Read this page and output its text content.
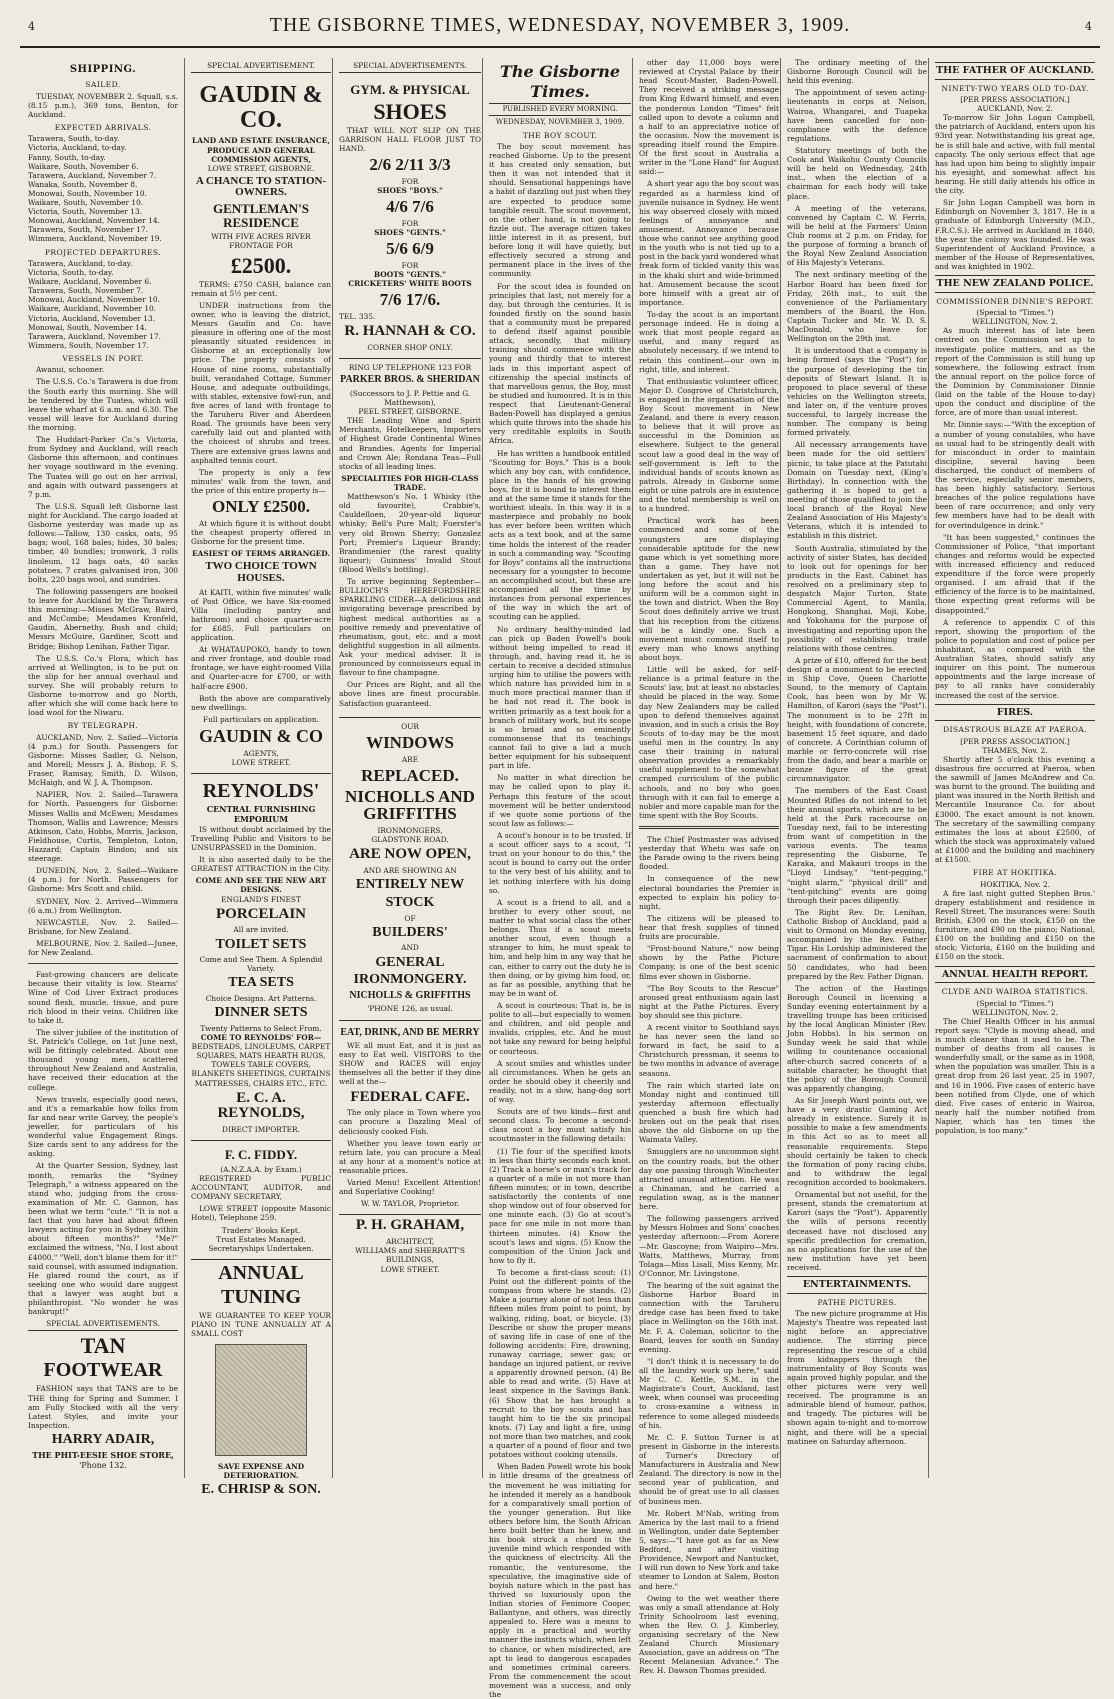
4	THE GISBORNE TIMES, WEDNESDAY, NOVEMBER 3, 1909.	4
SHIPPING.
SAILED.

TUESDAY, NOVEMBER 2. Squall, s.s. (8.15 p.m.), 369 tons, Benton, for Auckland.

EXPECTED ARRIVALS.

Tarawera, South, to-day.

Victoria, Auckland, to-day.

Fanny, South, to-day.

Waikare, South, November 6.

Tarawera, Auckland, November 7.

Wanaka, South, November 8.

Monowai, South, November 10.

Waikare, South, November 10.

Victoria, South, November 13.

Monowai, Auckland, November 14.

Tarawera, South, November 17.

Wimmera, Auckland, November 19.

PROJECTED DEPARTURES.

Tarawera, Auckland, to-day.

Victoria, South, to-day.

Waikare, Auckland, November 6.

Tarawera, South, November 7.

Monowai, Auckland, November 10.

Waikare, Auckland, November 10.

Victoria, Auckland, November 13.

Monowai, South, November 14.

Tarawera, Auckland, November 17.

Wimmera, South, November 17.

VESSELS IN PORT.

Awanui, schooner.

The U.S.S. Co.'s Tarawera is due from the South early this morning. She will be tendered by the Tuatea, which will leave the wharf at 6 a.m. and 6.30. The vessel will leave for Auckland during the morning.

The Huddart-Parker Co.'s Victoria, from Sydney and Auckland, will reach Gisborne this afternoon, and continues her voyage southward in the evening. The Tuatea will go out on her arrival, and again with outward passengers at 7 p.m.

The U.S.S. Squall left Gisborne last night for Auckland. The cargo loaded at Gisborne yesterday was made up as follows:—Tallow, 130 casks, oats, 95 bags; wool, 168 bales; hides, 30 bales; timber, 40 bundles; ironwork, 3 rolls linoleum, 12 bags oats, 40 sacks potatoes, 7 crates galvanised iron, 300 bolts, 220 bags wool, and sundries.

The following passengers are booked to leave for Auckland by the Tarawera this morning:—Misses McGraw, Baird, and McCombe; Mesdames Kronfeld, Gaudin, Abernethy, Bush and child; Messrs McGuire, Gardiner, Scott and Bridge; Bishop Lenihan, Father Tigar.

The U.S.S. Co.'s Flora, which has arrived at Wellington, is to be put on the slip for her annual overhaul and survey. She will probably return to Gisborne to-morrow and go North, after which she will come back here to load wool for the Niwaru.

BY TELEGRAPH.

AUCKLAND, Nov. 2. Sailed—Victoria (4 p.m.) for South. Passengers for Gisborne: Misses Sadler, G. Nelson, and Morell; Messrs J. A. Bishop, F. S. Fraser, Ramsay, Smith, D. Wilson, McHaigh, and W. J. A. Thompson.

NAPIER, Nov. 2. Sailed—Tarawera for North. Passengers for Gisborne: Misses Wallis and McEwen; Mesdames Thomson, Wallis and Lawrence; Messrs Atkinson, Cato, Hobbs, Morris, Jackson, Fieldhouse, Curtis, Templeton, Loton, Hazzard; Captain Bindon; and six steerage.

DUNEDIN, Nov. 2. Sailed—Waikare (4 p.m.) for North. Passengers for Gisborne: Mrs Scott and child.

SYDNEY, Nov. 2. Arrived—Wimmera (6 a.m.) from Wellington.

NEWCASTLE, Nov. 2. Sailed—Brisbane, for New Zealand.

MELBOURNE, Nov. 2. Sailed—Junee, for New Zealand.

Fast-growing chancers are delicate because their vitality is low. Stearns' Wine of Cod Liver Extract produces sound flesh, muscle, tissue, and pure rich blood in their veins. Children like to take it.

The silver jubilee of the institution of St. Patrick's College, on 1st June next, will be fittingly celebrated. About one thousand young men, scattered throughout New Zealand and Australia, have received their education at the college.

News travels, especially good news, and it's a remarkable how folks from far and near write Garvey, the people's jeweller, for particulars of his wonderful value Engagement Rings. Size cards sent to any address for the asking.

At the Quarter Session, Sydney, last month, remarks the "Sydney Telegraph," a witness appeared on the stand who, judging from the cross-examination of Mr. C. Gannon, has been what we term "cute." "It is not a fact that you have had about fifteen lawyers acting for you in Sydney within about fifteen months?" "Me?" exclaimed the witness, "No, I lost about £4000." "Well, don't blame them for it!" said counsel, with assumed indignation. He glared round the court, as if seeking one who would dare suggest that a lawyer was aught but a philanthropist. "No wonder he was bankrupt!"

SPECIAL ADVERTISEMENTS.
TAN
FOOTWEAR

FASHION says that TANS are to be THE thing for Spring and Summer. I am Fully Stocked with all the very Latest Styles, and invite your Inspection.

HARRY ADAIR,
THE PHIT-EESIE SHOE STORE,
'Phone 132.
SPECIAL ADVERTISEMENT.
GAUDIN & CO.
LAND AND ESTATE INSURANCE, PRODUCE AND GENERAL COMMISSION AGENTS,
LOWE STREET, GISBORNE.
A CHANCE TO STATION-OWNERS.
GENTLEMAN'S RESIDENCE
WITH FIVE ACRES RIVER FRONTAGE FOR
£2500.

TERMS: £750 CASH, balance can remain at 5½ per cent.

UNDER instructions from the owner, who is leaving the district, Messrs Gaudin and Co. have pleasure in offering one of the most pleasantly situated residences in Gisborne at an exceptionally low price. The property consists of House of nine rooms, substantially built, verandahed Cottage, Summer House, and adequate outbuildings, with stables, extensive fowl-run, and five acres of land with frontage to the Taruheru River and Aberdeen Road. The grounds have been very carefully laid out and planted with the choicest of shrubs and trees. There are extensive grass lawns and asphalted tennis court.

The property is only a few minutes' walk from the town, and the price of this entire property is—

ONLY £2500.

At which figure it is without doubt the cheapest property offered in Gisborne for the present time.

EASIEST OF TERMS ARRANGED.
TWO CHOICE TOWN HOUSES.

At KAITI, within five minutes' walk of Post Office, we have Six-roomed Villa (including pantry and bathroom) and choice quarter-acre for £685. Full particulars on application.

At WHATAUPOKO, handy to town and river frontage, and double road frontage, we have eight-roomed Villa and Quarter-acre for £700, or with half-acre £900.

Both the above are comparatively new dwellings.

Full particulars on application.
GAUDIN & CO
AGENTS,
LOWE STREET.
REYNOLDS'
CENTRAL FURNISHING EMPORIUM

IS without doubt acclaimed by the Travelling Public and Visitors to be UNSURPASSED in the Dominion.

It is also asserted daily to be the GREATEST ATTRACTION in the City.

COME AND SEE THE NEW ART DESIGNS.
ENGLAND'S FINEST
PORCELAIN
All are invited.
TOILET SETS
Come and See Them. A Splendid Variety.
TEA SETS
Choice Designs. Art Patterns.
DINNER SETS
Twenty Patterns to Select From.
COME TO REYNOLDS' FOR—
BEDSTEADS, LINOLEUMS, CARPET SQUARES, MATS HEARTH RUGS, TOWELS TABLE COVERS, BLANKETS SHEETINGS, CURTAINS MATTRESSES, CHAIRS ETC., ETC.
E. C. A. REYNOLDS,
DIRECT IMPORTER.
F. C. FIDDY.
(A.N.Z.A.A. by Exam.)

REGISTERED PUBLIC ACCOUNTANT, AUDITOR, and COMPANY SECRETARY,

LOWE STREET (opposite Masonic Hotel), Telephone 259.

Traders' Books Kept.
Trust Estates Managed.
Secretaryships Undertaken.
ANNUAL
TUNING

WE GUARANTEE TO KEEP YOUR PIANO IN TUNE ANNUALLY AT A SMALL COST

SAVE EXPENSE AND DETERIORATION.
E. CHRISP & SON.
SPECIAL ADVERTISEMENTS.
GYM. & PHYSICAL
SHOES

THAT WILL NOT SLIP ON THE GARRISON HALL FLOOR JUST TO HAND.

2/6 2/11 3/3
FOR
SHOES "BOYS."
4/6 7/6
FOR
SHOES "GENTS."
5/6 6/9
FOR
BOOTS "GENTS."
CRICKETERS' WHITE BOOTS
7/6 17/6.
TEL. 335.
R. HANNAH & CO.
CORNER SHOP ONLY.
RING UP TELEPHONE 123 FOR
PARKER BROS. & SHERIDAN
(Successors to J. P. Pettie and G. Matthewson),
PEEL STREET, GISBORNE.

THE Leading Wine and Spirit Merchants, Hotelkeepers, Importers of Highest Grade Continental Wines and Brandies. Agents for Imperial and Crown Ale; Rondana Teas—Full stocks of all leading lines.

SPECIALITIES FOR HIGH-CLASS TRADE.

Matthewson's No. 1 Whisky (the old favourite), Crabbie's, Cauldelloen, 20-year-old liqueur whisky; Bell's Pure Malt; Fuerster's very old Brown Sherry; Gonzalez Port; Premier's Liqueur Brandy; Brandimenier (the rarest quality liqueur); Guinness' Invalid Stout (Blood Wells's bottling).

To arrive beginning September—BULLIOCH'S HEREFORDSHIRE SPARKLING CIDER—A delicious and invigorating beverage prescribed by highest medical authorities as a positive remedy and preventative of rheumatism, gout, etc. and a most delightful suggestion in all ailments. Ask your medical adviser. It is pronounced by connoisseurs equal in flavour to fine champagne.

Our Prices are Right, and all the above lines are finest procurable. Satisfaction guaranteed.

OUR
WINDOWS
ARE
REPLACED.
NICHOLLS AND GRIFFITHS
IRONMONGERS,
GLADSTONE ROAD.
ARE NOW OPEN,
AND ARE SHOWING AN
ENTIRELY NEW
STOCK
OF
BUILDERS'
AND
GENERAL
IRONMONGERY.
NICHOLLS & GRIFFITHS
'PHONE 126, as usual.
EAT, DRINK, AND BE MERRY

WE all must Eat, and it is just as easy to Eat well. VISITORS to the SHOW and RACES will enjoy themselves all the better if they dine well at the—

FEDERAL CAFE.

The only place in Town where you can procure a Dazzling Meal of deliciously cooked Fish.

Whether you leave town early or return late, you can procure a Meal at any hour at a moment's notice at reasonable prices.

Varied Menu! Excellent Attention! and Superlative Cooking!

W. W. TAYLOR, Proprietor.
P. H. GRAHAM,
ARCHITECT,
WILLIAMS and SHERRATT'S BUILDINGS,
LOWE STREET.
The Gisborne Times.
PUBLISHED EVERY MORNING.
WEDNESDAY, NOVEMBER 3, 1909.
THE BOY SCOUT.

The boy scout movement has reached Gisborne. Up to the present it has created only sensation, but then it was not intended that it should. Sensational happenings have a habit of dazzling out just when they are expected to produce some tangible result. The scout movement, on the other hand, is not going to fizzle out. The average citizen takes little interest in it as present, but before long it will have quietly, but effectively secured a strong and permanent place in the lives of the community.

For the scout idea is founded on principles that last, not merely for a day, but through the centuries. It is founded firstly on the sound basis that a community must be prepared to defend itself against possible attack, secondly, that military training should commence with the young and thirdly that to interest lads in this important aspect of citizenship the special instincts of that marvellous genus, the Boy, must be studied and humoured. It is in this respect that Lieutenant-General Baden-Powell has displayed a genius which quite throws into the shade his very creditable exploits in South Africa.

He has written a handbook entitled "Scouting for Boys." This is a book which any boy can, with confidence, place in the hands of his growing boys, for it is bound to interest them and at the same time it stands for the worthiest ideals. In this way it is a masterpiece and probably no book has ever before been written which acts as a text book, and at the same time holds the interest of the reader in such a commanding way. "Scouting for Boys" contains all the instructions necessary for a youngster to become an accomplished scout, but these are accompanied all the time by instances from personal experiences of the way in which the art of scouting can be applied.

No ordinary healthy-minded lad can pick up Baden Powell's book without being impelled to read it through, and, having read it, he is certain to receive a decided stimulus urging him to utilise the powers with which nature has provided him in a much more practical manner than if he had not read it. The book is written primarily as a text book for a branch of military work, but its scope is so broad and so eminently commonsense that its teachings cannot fail to give a lad a much better equipment for his subsequent part in life.

No matter in what direction he may be called upon to play it. Perhaps this feature of the scout movement will be better understood if we quote some portions of the scout law as follows:—

A scout's honour is to be trusted. If a scout officer says to a scout, "I trust on your honour to do this," the scout is bound to carry out the order to the very best of his ability, and to let nothing interfere with his doing so.

A scout is a friend to all, and a brother to every other scout, no matter to what social class the other belongs. Thus if a scout meets another scout, even though a stranger to him, he must speak to him, and help him in any way that he can, either to carry out the duty he is then doing, or by giving him food, or, as far as possible, anything that he may be in want of.

A scout is courteous: That is, he is polite to all—but especially to women and children, and old people and invalids, cripples, etc. And he must not take any reward for being helpful or courteous.

A scout smiles and whistles under all circumstances. When he gets an order he should obey it cheerily and readily, not in a slow, hang-dog sort of way.

Scouts are of two kinds—first and second class. To become a second-class scout a boy must satisfy his scoutmaster in the following details:

(1) Tie four of the specified knots in less than thirty seconds each knot. (2) Track a horse's or man's track for a quarter of a mile in not more than fifteen minutes; or in town, describe satisfactorily the contents of one shop window out of four observed for one minute each. (3) Go at scout's pace for one mile in not more than thirteen minutes. (4) Know the scout's laws and signs. (5) Know the composition of the Union Jack and how to fly it.

To become a first-class scout: (1) Point out the different points of the compass from where he stands. (2) Make a journey alone of not less than fifteen miles from point to point, by walking, riding, boat, or bicycle. (3) Describe or show the proper means of saving life in case of one of the following accidents: Fire, drowning, runaway carriage, sewer gas; or bandage an injured patient, or revive a apparently drowned person. (4) Be able to read and write. (5) Have at least sixpence in the Savings Bank. (6) Show that he has brought a recruit to the boy scouts and has taught him to tie the six principal knots. (7) Lay and light a fire, using not more than two matches, and cook a quarter of a pound of flour and two potatoes without cooking utensils.

When Baden Powell wrote his book in little dreams of the greatness of the movement he was initiating for he intended it merely as a handbook for a comparatively small portion of the younger generation. But like others before him, the South African hero built better than he knew, and his book struck a chord in the juvenile mind which responded with the quickness of electricity. All the romantic, the venturesome, the speculative, the imaginative side of boyish nature which in the past has thrived so luxuriously upon the Indian stories of Fenimore Cooper, Ballantyne, and others, was directly appealed to. Here was a means to apply in a practical and worthy manner the instincts which, when left to chance, or when misdirected, are apt to lead to dangerous escapades and sometimes criminal careers. From the commencement the scout movement was a success, and only the

other day 11,000 boys were reviewed at Crystal Palace by their head Scout-Master, Baden-Powell. They received a striking message from King Edward himself, and even the ponderous London "Times" felt called upon to devote a column and a half to an appreciative notice of the occasion. Now the movement is spreading itself round the Empire. Of the first scout in Australia a writer in the "Lone Hand" for August said:—

A short year ago the boy scout was regarded as a harmless kind of juvenile nuisance in Sydney. He went his way observed closely with mixed feelings of annoyance and amusement. Annoyance because those who cannot see anything good in the youth who is not tied up to a post in the back yard wondered what freak form of tickled vanity this was in the khaki shirt and wide-brimmed hat. Amusement because the scout bore himself with a great air of importance.

To-day the scout is an important personage indeed. He is doing a work that most people regard as useful, and many regard as absolutely necessary, if we intend to retain this continent—our own in right, title, and interest.

That enthusiastic volunteer officer, Major D. Cosgrove of Christchurch, is engaged in the organisation of the Boy Scout movement in New Zealand, and there is every reason to believe that it will prove as successful in the Dominion as elsewhere. Subject to the general scout law a good deal in the way of self-government is left to the individual bands of scouts known as patrols. Already in Gisborne some eight or nine patrols are in existence and the total membership is well on to a hundred.

Practical work has been commenced and some of the youngsters are displaying considerable aptitude for the new game which is yet something more than a game. They have not undertaken as yet, but it will not be long before the scout and his uniform will be a common sight in the town and district. When the Boy Scout does definitely arrive we trust that his reception from the citizens will be a kindly one. Such a movement must commend itself to every man who knows anything about boys.

Little will be asked, for self-reliance is a primal feature in the Scouts' law, but at least no obstacles should be placed in the way. Some day New Zealanders may be called upon to defend themselves against invasion, and in such a crisis the Boy Scouts of to-day may be the most useful men in the country. In any case their training in natural observation provides a remarkably useful supplement to the somewhat cramped curriculum of the public schools, and no boy who goes through with it can fail to emerge a nobler and more capable man for the time spent with the Boy Scouts.

The Chief Postmaster was advised yesterday that Whetu was safe on the Parade owing to the rivers being flooded.

In consequence of the new electoral boundaries the Premier is expected to explain his policy to-night.

The citizens will be pleased to hear that fresh supplies of tinned fruits are procurable.

"Frost-bound Nature," now being shown by the Pathe Picture Company, is one of the best scenic films ever shown in Gisborne.

"The Boy Scouts to the Rescue" aroused great enthusiasm again last night at the Pathe Pictures. Every boy should see this picture.

A recent visitor to Southland says he has never seen the land so forward in fact, he said to a Christchurch pressman, it seems to be two months in advance of average seasons.

The rain which started late on Monday night and continued till yesterday afternoon effectually quenched a bush fire which had broken out on the peak that rises above the old Gisborne on up the Waimata Valley.

Smugglers are no uncommon sight on the country roads, but the other day one passing through Winchester attracted unusual attention. He was a Chinaman, and he carried a regulation swag, as is the manner here.

The following passengers arrived by Messrs Holmes and Sons' coaches yesterday afternoon:—From Aorere—Mr. Gascoyne; from Waipiro—Mrs. Watts, Matthews, Murray, from Tolaga—Miss Lisall, Miss Kenny, Mr. O'Connor, Mr. Livingstone.

The hearing of the suit against the Gisborne Harbor Board in connection with the Taruheru dredge case has been fixed to take place in Wellington on the 16th inst. Mr. F. A. Coleman, solicitor to the Board, leaves for south on Sunday evening.

"I don't think it is necessary to do all the laundry work up here," said Mr C. C. Kettle, S.M., in the Magistrate's Court, Auckland, last week, when counsel was proceeding to cross-examine a witness in reference to some alleged misdeeds of his.

Mr. C. F. Sutton Turner is at present in Gisborne in the interests of Turner's Directory of Manufacturers in Australia and New Zealand. The directory is now in the second year of publication, and should be of great use to all classes of business men.

Mr. Robert M'Nab, writing from America by the last mail to a friend in Wellington, under date September 5, says:—"I have got as far as New Bedford, and after visiting Providence, Newport and Nantucket, I will run down to New York and take steamer to London at Salem, Boston and here."

Owing to the wet weather there was only a small attendance at Holy Trinity Schoolroom last evening, when the Rev. O. J. Kimberley, organising secretary of the New Zealand Church Missionary Association, gave an address on "The Recent Melanesian Advance." The Rev. H. Dawson Thomas presided.

The ordinary meeting of the Gisborne Borough Council will be held this evening.

The appointment of seven acting-lieutenants in corps at Nelson, Wairoa, Whangarei, and Tuapeka have been cancelled for non-compliance with the defence regulations.

Statutory meetings of both the Cook and Waikohu County Councils will be held on Wednesday, 24th inst., when the election of a chairman for each body will take place.

A meeting of the veterans, convened by Captain C. W. Ferris, will be held at the Farmers' Union Club rooms at 2 p.m. on Friday, for the purpose of forming a branch of the Royal New Zealand Association of His Majesty's Veterans.

The next ordinary meeting of the Harbor Board has been fixed for Friday, 26th inst., to suit the convenience of the Parliamentary members of the Board, the Hon. Captain Tucker and Mr. W. D. S. MacDonald, who leave for Wellington on the 29th inst.

It is understood that a company is being formed (says the "Post") for the purpose of developing the tin deposits of Stewart Island. It is proposed to place several of these vehicles on the Wellington streets, and later on, if the venture proves successful, to largely increase the number. The company is being formed privately.

All necessary arrangements have been made for the old settlers' picnic, to take place at the Patutahi Domain on Tuesday next, (King's Birthday). In connection with the gathering it is hoped to get a meeting of those qualified to join the local branch of the Royal New Zealand Association of His Majesty's Veterans, which it is intended to establish in this district.

South Australia, stimulated by the activity of sister States, has decided to look out for openings for her products in the East. Cabinet has resolved on a preliminary step to despatch Major Turton, State Commercial Agent, to Manila, Hongkong, Shanghai, Moji, Kobe, and Yokohama for the purpose of investigating and reporting upon the possibility of establishing trade relations with those centres.

A prize of £10, offered for the best design of a monument to be erected in Ship Cove, Queen Charlotte Sound, to the memory of Captain Cook, has been won by Mr W. Hamilton, of Karori (says the "Post"). The monument is to be 27ft in height, with foundations of concrete, basement 15 feet square, and dado of concrete. A Corinthian column of marble or ferro-concrete will rise from the dado, and bear a marble or bronze figure of the great circumnavigator.

The members of the East Coast Mounted Rifles do not intend to let their annual sports, which are to be held at the Park racecourse on Tuesday next, fail to be interesting from want of competition in the various events. The teams representing the Gisborne, Te Karaka, and Makauri troops in the "Lloyd Lindsay," "tent-pegging," "night alarm," "physical drill" and "tent-pitching" events are going through their paces diligently.

The Right Rev. Dr. Lenihan, Catholic Bishop of Auckland, paid a visit to Ormond on Monday evening, accompanied by the Rev. Father Tigar. His Lordship administered the sacrament of confirmation to about 50 candidates, who had been prepared by the Rev. Father Dignan.

The action of the Hastings Borough Council in licensing a Sunday evening entertainment by a travelling troupe has been criticised by the local Anglican Minister (Rev. John Hobbs). In his sermon on Sunday week he said that while willing to countenance occasional after-church sacred concerts of a suitable character, he thought that the policy of the Borough Council was apparently changing.

As Sir Joseph Ward points out, we have a very drastic Gaming Act already in existence. Surely it is possible to make a few amendments in this Act so as to meet all reasonable requirements. Steps should certainly be taken to check the formation of pony racing clubs, and to withdraw the legal recognition accorded to bookmakers.

Ornamental but not useful, for the present, stands the crematorium at Karori (says the "Post"). Apparently the wills of persons recently deceased have not disclosed any specific predilection for cremation, as no applications for the use of the new institution have yet been received.

ENTERTAINMENTS.
PATHE PICTURES.

The new picture programme at His Majesty's Theatre was repeated last night before an appreciative audience. The stirring piece representing the rescue of a child from kidnappers through the instrumentality of Boy Scouts was again proved highly popular, and the other pictures were very well received. The programme is an admirable blend of humour, pathos, and tragedy. The pictures will be shown again to-night and to-morrow night, and there will be a special matinee on Saturday afternoon.

THE FATHER OF AUCKLAND.
NINETY-TWO YEARS OLD TO-DAY.
[PER PRESS ASSOCIATION.]
AUCKLAND, Nov. 2.

To-morrow Sir John Logan Campbell, the patriarch of Auckland, enters upon his 93rd year. Notwithstanding his great age, he is still hale and active, with full mental capacity. The only serious effect that age has had upon him being to slightly impair his eyesight, and somewhat affect his hearing. He still daily attends his office in the city.

Sir John Logan Campbell was born in Edinburgh on November 3, 1817. He is a graduate of Edinburgh University (M.D., F.R.C.S.). He arrived in Auckland in 1840, the year the colony was founded. He was Superintendent of Auckland Province, a member of the House of Representatives, and was knighted in 1902.

THE NEW ZEALAND POLICE.
COMMISSIONER DINNIE'S REPORT.
(Special to "Times.")
WELLINGTON, Nov. 2.

As much interest has of late been centred on the Commission set up to investigate police matters, and as the report of the Commission is still hung up somewhere, the following extract from the annual report on the police force of the Dominion by Commissioner Dinnie (laid on the table of the House to-day) upon the conduct and discipline of the force, are of more than usual interest.

Mr. Dinnie says:—"With the exception of a number of young constables, who have as usual had to be stringently dealt with for misconduct in order to maintain discipline, several having been discharged, the conduct of members of the service, especially senior members, has been highly satisfactory. Serious breaches of the police regulations have been of rare occurrence; and only very few members have had to be dealt with for overindulgence in drink."

"It has been suggested," continues the Commissioner of Police, "that important changes and reforms would be expected with increased efficiency and reduced expenditure if the force were properly organised. I am afraid that if the efficiency of the force is to be maintained, those expecting great reforms will be disappointed."

A reference to appendix C of this report, showing the proportion of the police to population and cost of police per inhabitant, as compared with the Australian States, should satisfy any inquirer on this point. The numerous appointments and the large increase of pay to all ranks have considerably increased the cost of the service.

FIRES.
DISASTROUS BLAZE AT PAEROA.
[PER PRESS ASSOCIATION.]
THAMES, Nov. 2.

Shortly after 5 o'clock this evening a disastrous fire occurred at Paeroa, when the sawmill of James McAndrew and Co. was burnt to the ground. The building and plant was insured in the North British and Mercantile Insurance Co. for about £3000. The exact amount is not known. The secretary of the sawmilling company estimates the loss at about £2500, of which the stock was approximately valued at £1000 and the building and machinery at £1500.

FIRE AT HOKITIKA.
HOKITIKA, Nov. 2.

A fire last night gutted Stephen Bros.' drapery establishment and residence in Revell Street. The insurances were: South British, £300 on the stock, £150 on the furniture, and £90 on the piano; National, £100 on the building and £150 on the stock; Victoria, £160 on the building and £150 on the stock.

ANNUAL HEALTH REPORT.
CLYDE AND WAIROA STATISTICS.
(Special to "Times.")
WELLINGTON, Nov. 2.

The Chief Health Officer in his annual report says: "Clyde is moving ahead, and is much cleaner than it used to be. The number of deaths from all causes is wonderfully small, or the same as in 1908, when the population was smaller. This is a great drop from 26 last year, 25 in 1907, and 16 in 1906. Five cases of enteric have been notified from Clyde, one of which died. Five cases of enteric in Wairoa, nearly half the number notified from Napier, which has ten times the population, is too many."
